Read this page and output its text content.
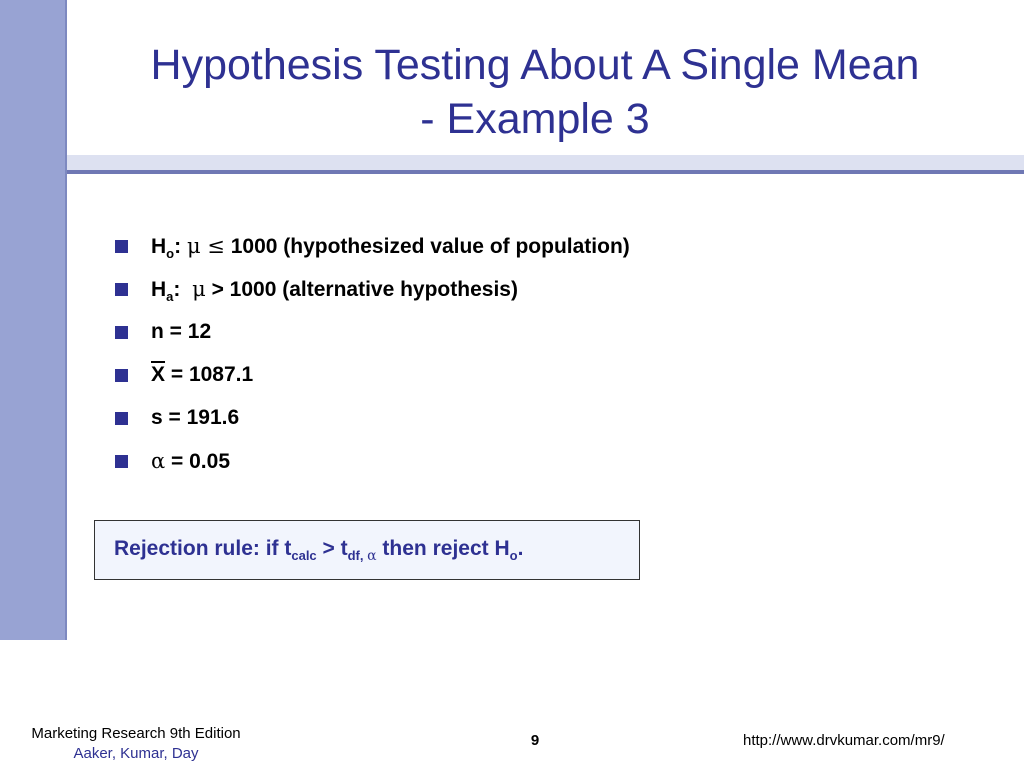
Hypothesis Testing About A Single Mean
- Example 3
$H_o$: μ ≤ 1000 (hypothesized value of population)
$H_a$: μ > 1000 (alternative hypothesis)
n = 12
$\overline{X} = 1087.1$
s = 191.6
α = 0.05
Rejection rule: if $t_{calc} > t_{df, \alpha}$ then reject $H_o$.
Marketing Research 9th Edition
Aaker, Kumar, Day
9	http://www.drvkumar.com/mr9/
